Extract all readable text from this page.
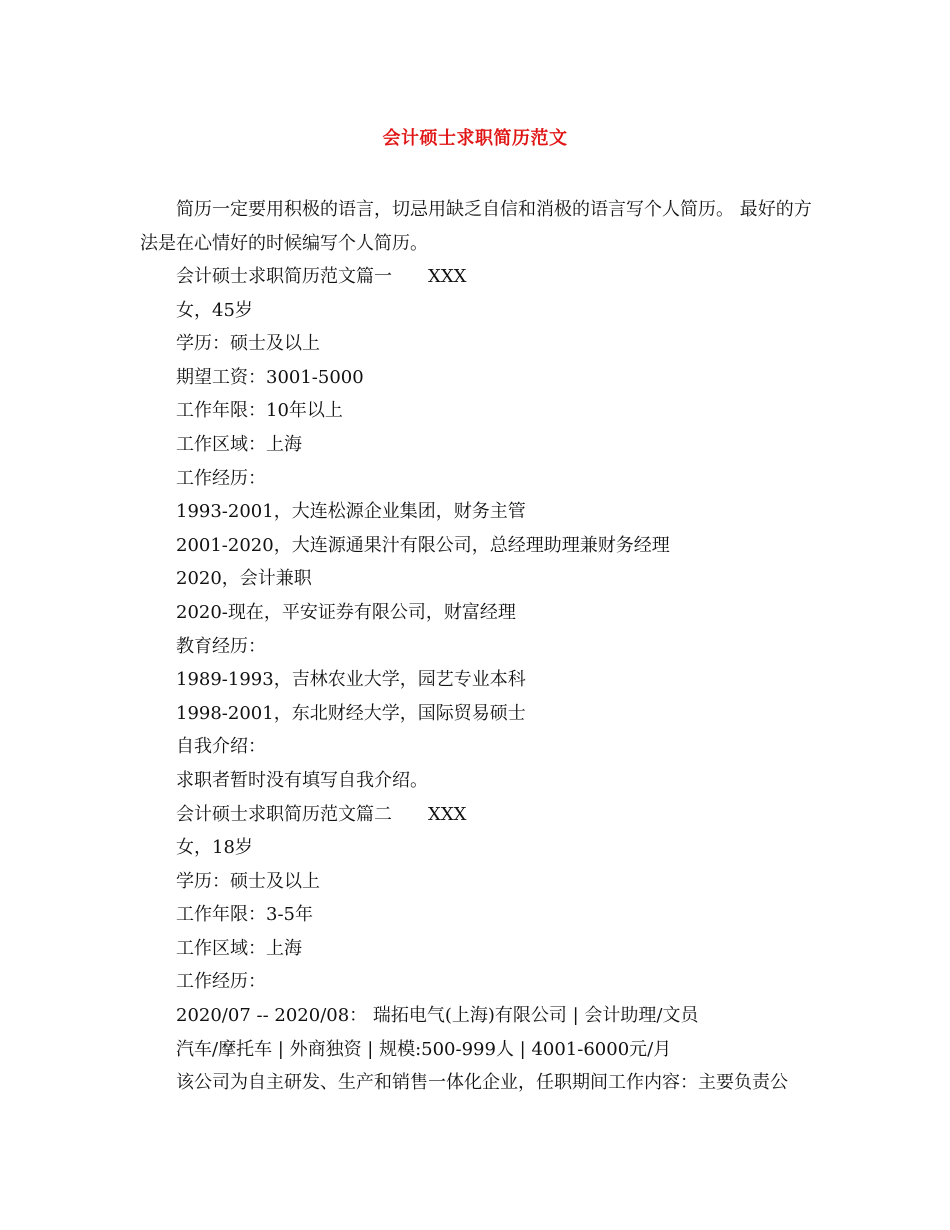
会计硕士求职简历范文
简历一定要用积极的语言，切忌用缺乏自信和消极的语言写个人简历。 最好的方法是在心情好的时候编写个人简历。
会计硕士求职简历范文篇一 XXX
女，45岁
学历：硕士及以上
期望工资：3001-5000
工作年限：10年以上
工作区域：上海
工作经历：
1993-2001，大连松源企业集团，财务主管
2001-2020，大连源通果汁有限公司，总经理助理兼财务经理
2020，会计兼职
2020-现在，平安证券有限公司，财富经理
教育经历：
1989-1993，吉林农业大学，园艺专业本科
1998-2001，东北财经大学，国际贸易硕士
自我介绍：
求职者暂时没有填写自我介绍。
会计硕士求职简历范文篇二 XXX
女，18岁
学历：硕士及以上
工作年限：3-5年
工作区域：上海
工作经历：
2020/07 -- 2020/08： 瑞拓电气(上海)有限公司 | 会计助理/文员
汽车/摩托车 | 外商独资 | 规模:500-999人 | 4001-6000元/月
该公司为自主研发、生产和销售一体化企业，任职期间工作内容：主要负责公
